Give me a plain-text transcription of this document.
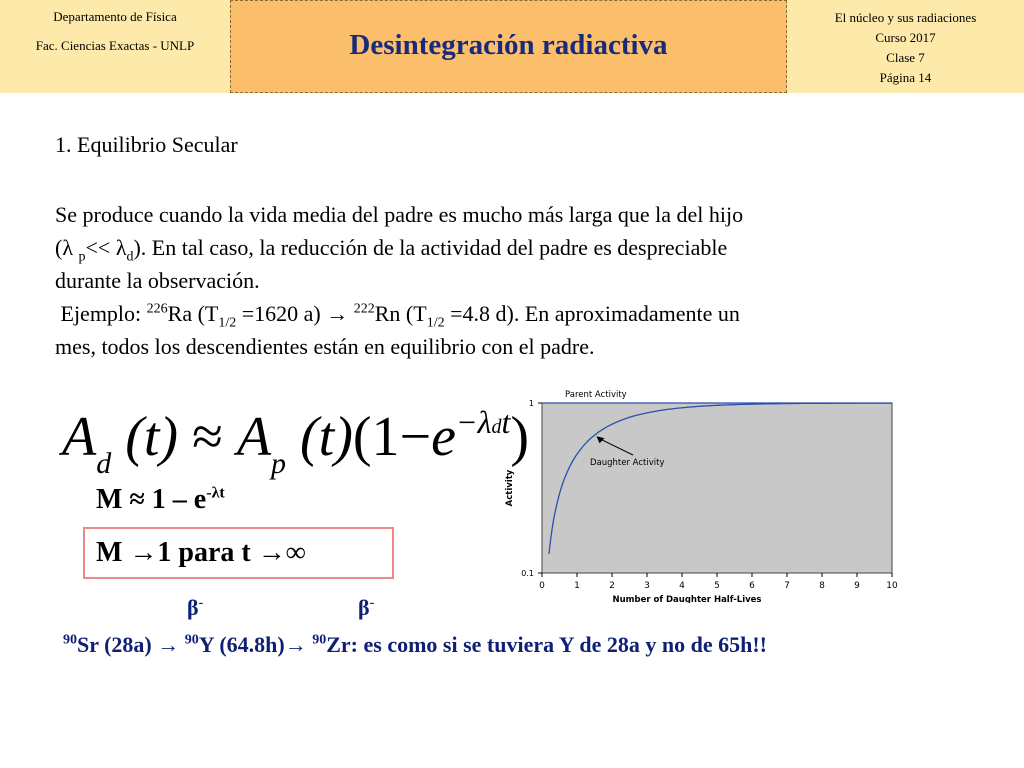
Departamento de Física
Fac. Ciencias Exactas - UNLP	Desintegración radiactiva
El núcleo y sus radiaciones
Curso 2017
Clase 7
Página 14
1. Equilibrio Secular
Se produce cuando la vida media del padre es mucho más larga que la del hijo
(λ $_p<< \lambda_d$). En tal caso, la reducción de la actividad del padre es despreciable
durante la observación.
Ejemplo: $^{226}$Ra ($T_{1/2} =1620$ a) → $^{222}$Rn ($T_{1/2} =4.8$ d). En aproximadamente un
mes, todos los descendientes están en equilibrio con el padre.
$A_d$ $(t) \approx A_p$ $(t)(1-e^{-\lambda dt})$
$M \approx 1 - e^{-\lambda t}$
M →1 para t →∞
β-	β-
$^{90}$Sr (28a) → $^{90}$Y (64.8h)→ $^{90}$Zr: es como si se tuviera Y de 28a y no de 65h!!
0	1	2	3	4	5	6	7	8	9	10
0.1
1
Parent Activity
Daughter Activity
Number of Daughter Half-Lives
Activity
